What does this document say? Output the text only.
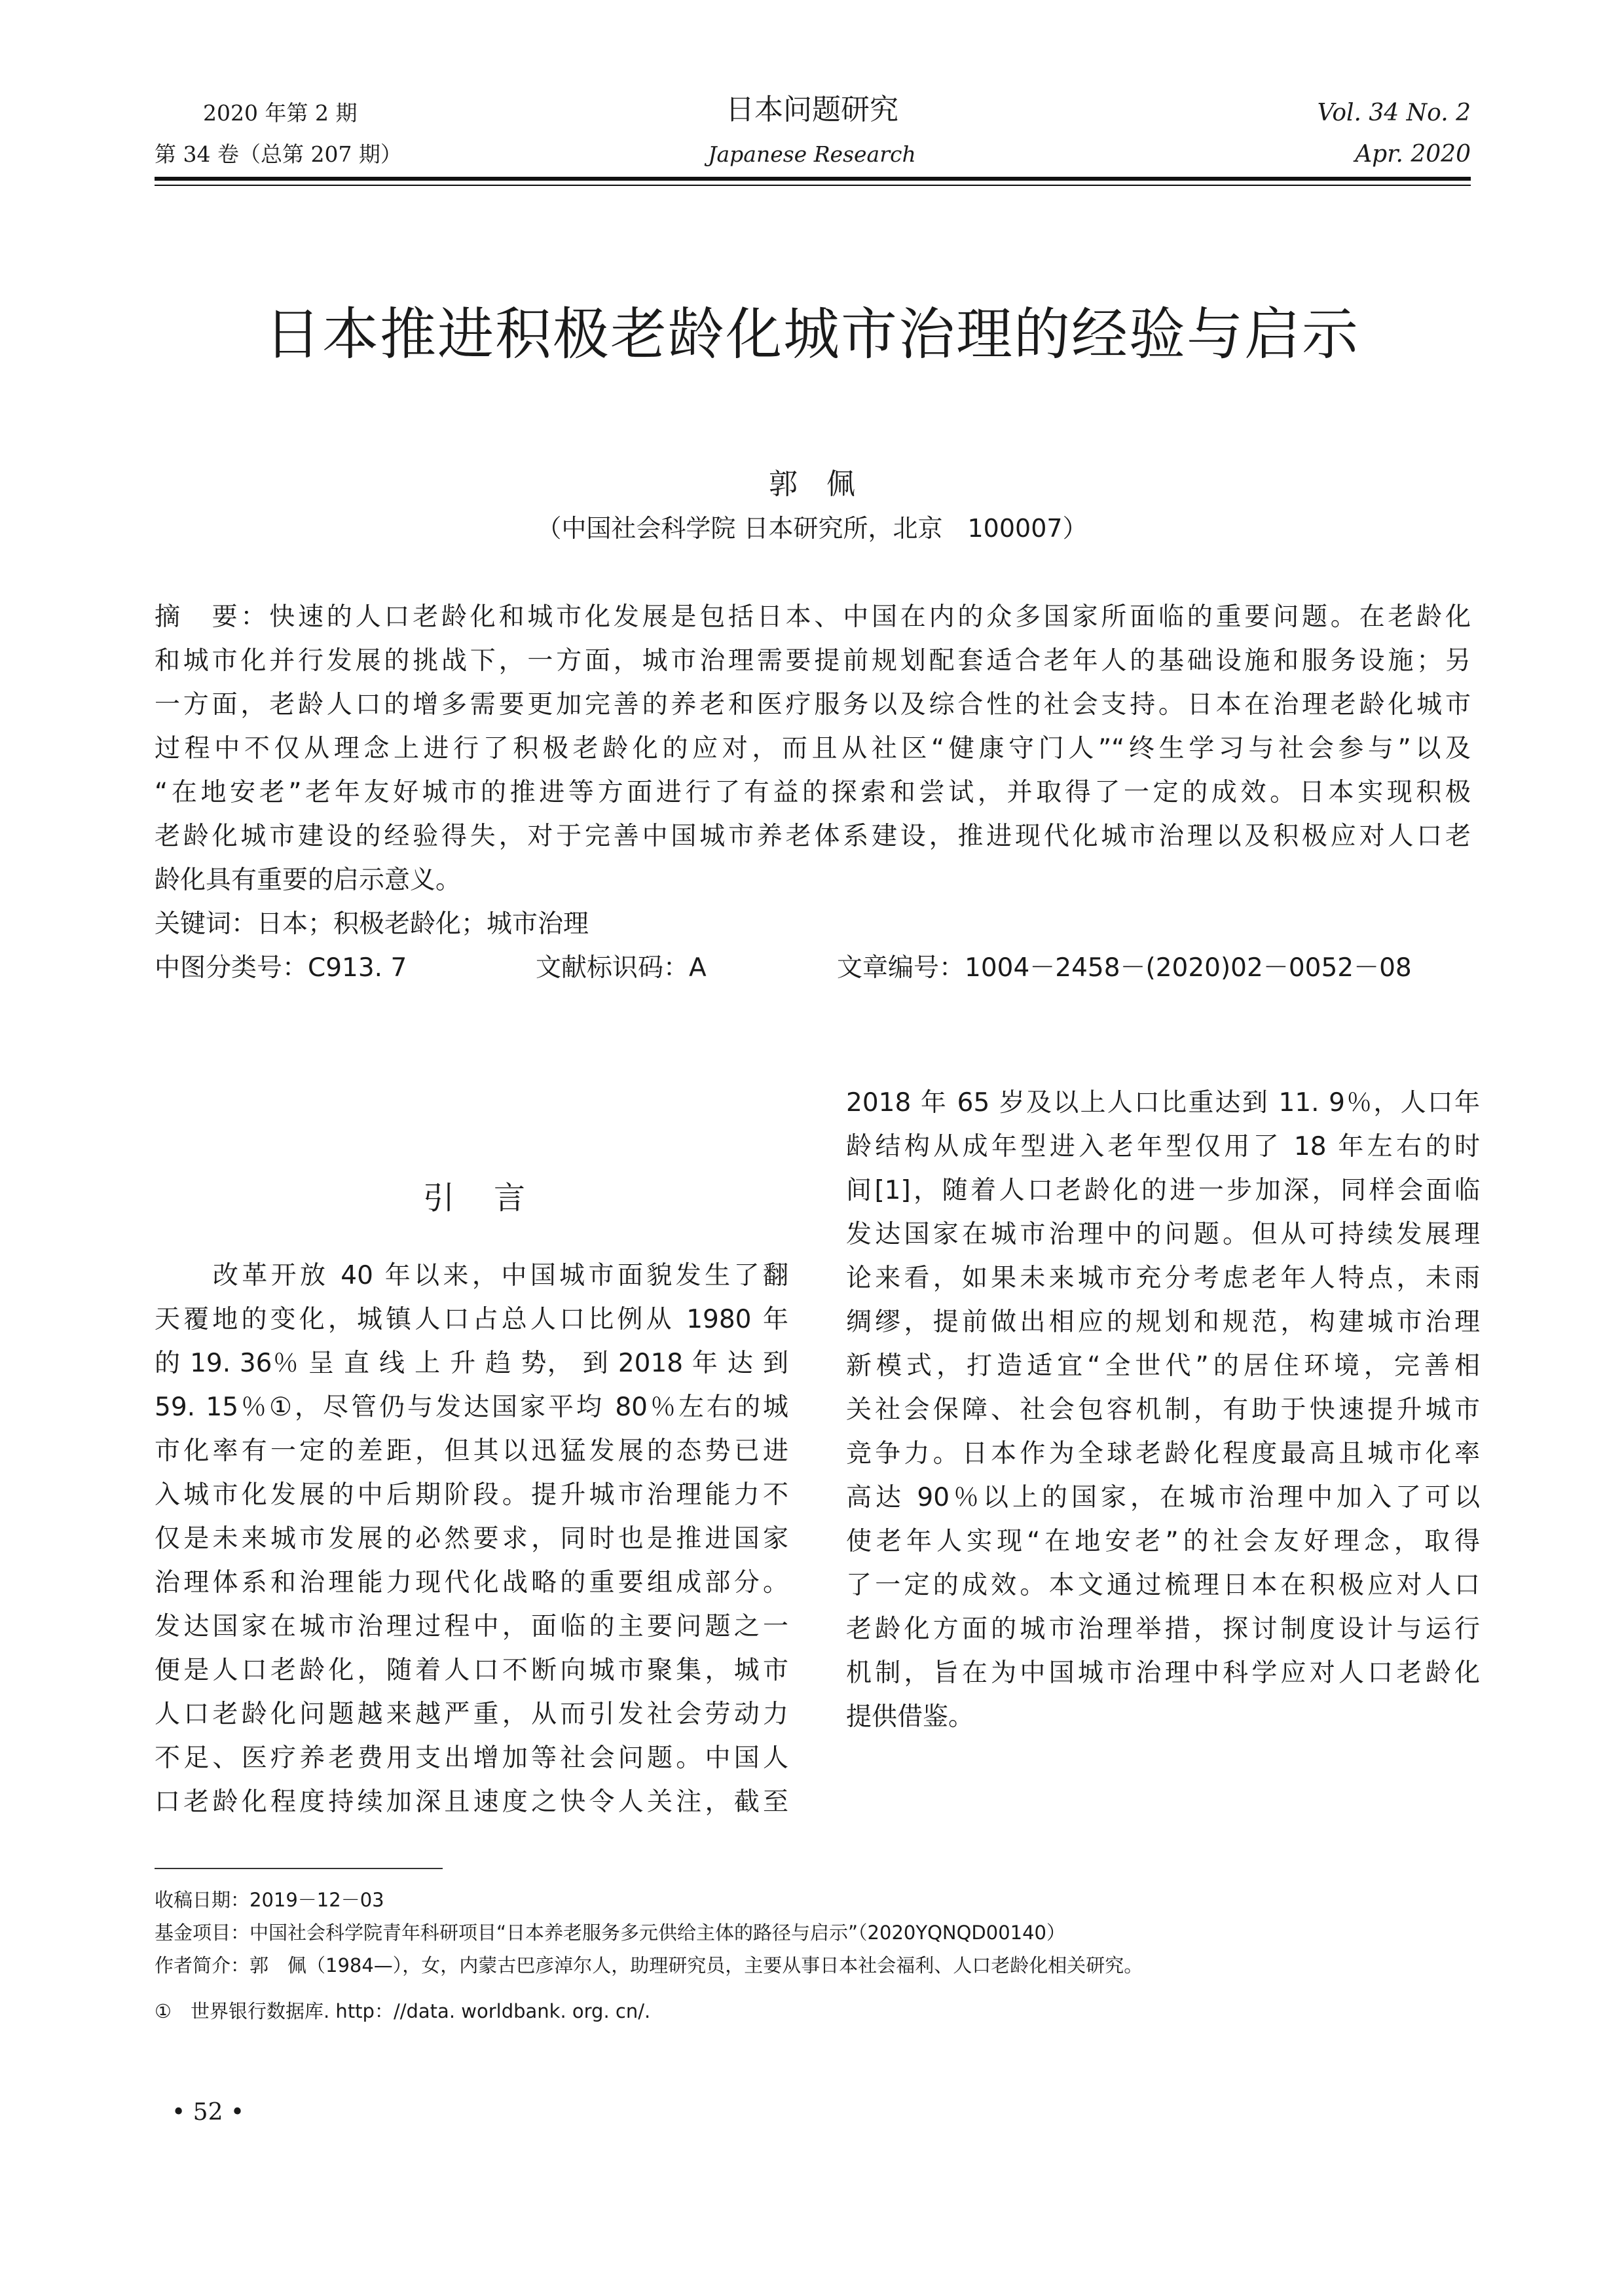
2020 年第 2 期
第 34 卷（总第 207 期）
日本问题研究
Japanese Research
Vol. 34 No. 2
Apr. 2020
日本推进积极老龄化城市治理的经验与启示
郭　佩
（中国社会科学院 日本研究所，北京　100007）
摘　要：快速的人口老龄化和城市化发展是包括日本、中国在内的众多国家所面临的重要问题。在老龄化
和城市化并行发展的挑战下，一方面，城市治理需要提前规划配套适合老年人的基础设施和服务设施；另
一方面，老龄人口的增多需要更加完善的养老和医疗服务以及综合性的社会支持。日本在治理老龄化城市
过程中不仅从理念上进行了积极老龄化的应对，而且从社区“健康守门人”“终生学习与社会参与”以及
“在地安老”老年友好城市的推进等方面进行了有益的探索和尝试，并取得了一定的成效。日本实现积极
老龄化城市建设的经验得失，对于完善中国城市养老体系建设，推进现代化城市治理以及积极应对人口老
龄化具有重要的启示意义。
关键词：日本；积极老龄化；城市治理
中图分类号：C913. 7	文献标识码：A	文章编号：1004－2458－(2020)02－0052－08
引言
　　改革开放 40 年以来，中国城市面貌发生了翻
天覆地的变化，城镇人口占总人口比例从 1980 年
的 19. 36％ 呈 直 线 上 升 趋 势， 到 2018 年 达 到
59. 15％①，尽管仍与发达国家平均 80％左右的城
市化率有一定的差距，但其以迅猛发展的态势已进
入城市化发展的中后期阶段。提升城市治理能力不
仅是未来城市发展的必然要求，同时也是推进国家
治理体系和治理能力现代化战略的重要组成部分。
发达国家在城市治理过程中，面临的主要问题之一
便是人口老龄化，随着人口不断向城市聚集，城市
人口老龄化问题越来越严重，从而引发社会劳动力
不足、医疗养老费用支出增加等社会问题。中国人
口老龄化程度持续加深且速度之快令人关注，截至
2018 年 65 岁及以上人口比重达到 11. 9％，人口年
龄结构从成年型进入老年型仅用了 18 年左右的时
间[1]，随着人口老龄化的进一步加深，同样会面临
发达国家在城市治理中的问题。但从可持续发展理
论来看，如果未来城市充分考虑老年人特点，未雨
绸缪，提前做出相应的规划和规范，构建城市治理
新模式，打造适宜“全世代”的居住环境，完善相
关社会保障、社会包容机制，有助于快速提升城市
竞争力。日本作为全球老龄化程度最高且城市化率
高达 90％以上的国家，在城市治理中加入了可以
使老年人实现“在地安老”的社会友好理念，取得
了一定的成效。本文通过梳理日本在积极应对人口
老龄化方面的城市治理举措，探讨制度设计与运行
机制，旨在为中国城市治理中科学应对人口老龄化
提供借鉴。
收稿日期：2019－12－03
基金项目：中国社会科学院青年科研项目“日本养老服务多元供给主体的路径与启示”（2020YQNQD00140）
作者简介：郭　佩（1984—），女，内蒙古巴彦淖尔人，助理研究员，主要从事日本社会福利、人口老龄化相关研究。
①　世界银行数据库. http：//data. worldbank. org. cn/.
• 52 •
